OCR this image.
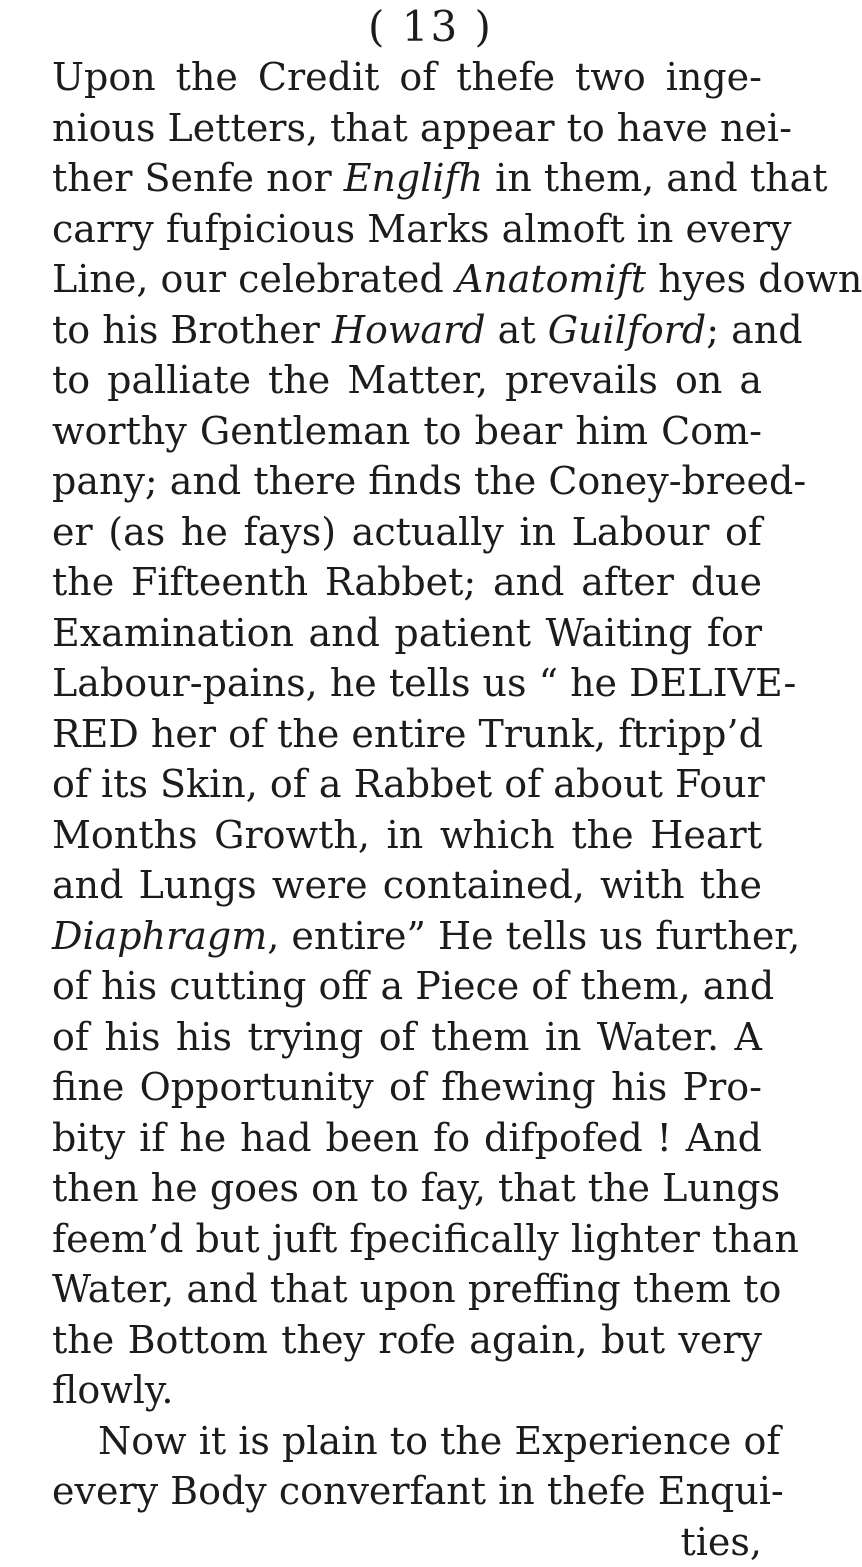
( 13 )
Upon the Credit of thefe two inge-
nious Letters, that appear to have nei-
ther Senfe nor Englifh in them, and that
carry fufpicious Marks almoft in every
Line, our celebrated Anatomift hyes down
to his Brother Howard at Guilford; and
to palliate the Matter, prevails on a
worthy Gentleman to bear him Com-
pany; and there finds the Coney-breed-
er (as he fays) actually in Labour of
the Fifteenth Rabbet; and after due
Examination and patient Waiting for
Labour-pains, he tells us “ he DELIVE-
RED her of the entire Trunk, ftripp’d
of its Skin, of a Rabbet of about Four
Months Growth, in which the Heart
and Lungs were contained, with the
Diaphragm, entire” He tells us further,
of his cutting off a Piece of them, and
of his his trying of them in Water. A
fine Opportunity of fhewing his Pro-
bity if he had been fo difpofed ! And
then he goes on to fay, that the Lungs
feem’d but juft fpecifically lighter than
Water, and that upon preffing them to
the Bottom they rofe again, but very
flowly.
Now it is plain to the Experience of
every Body converfant in thefe Enqui-
ties,
